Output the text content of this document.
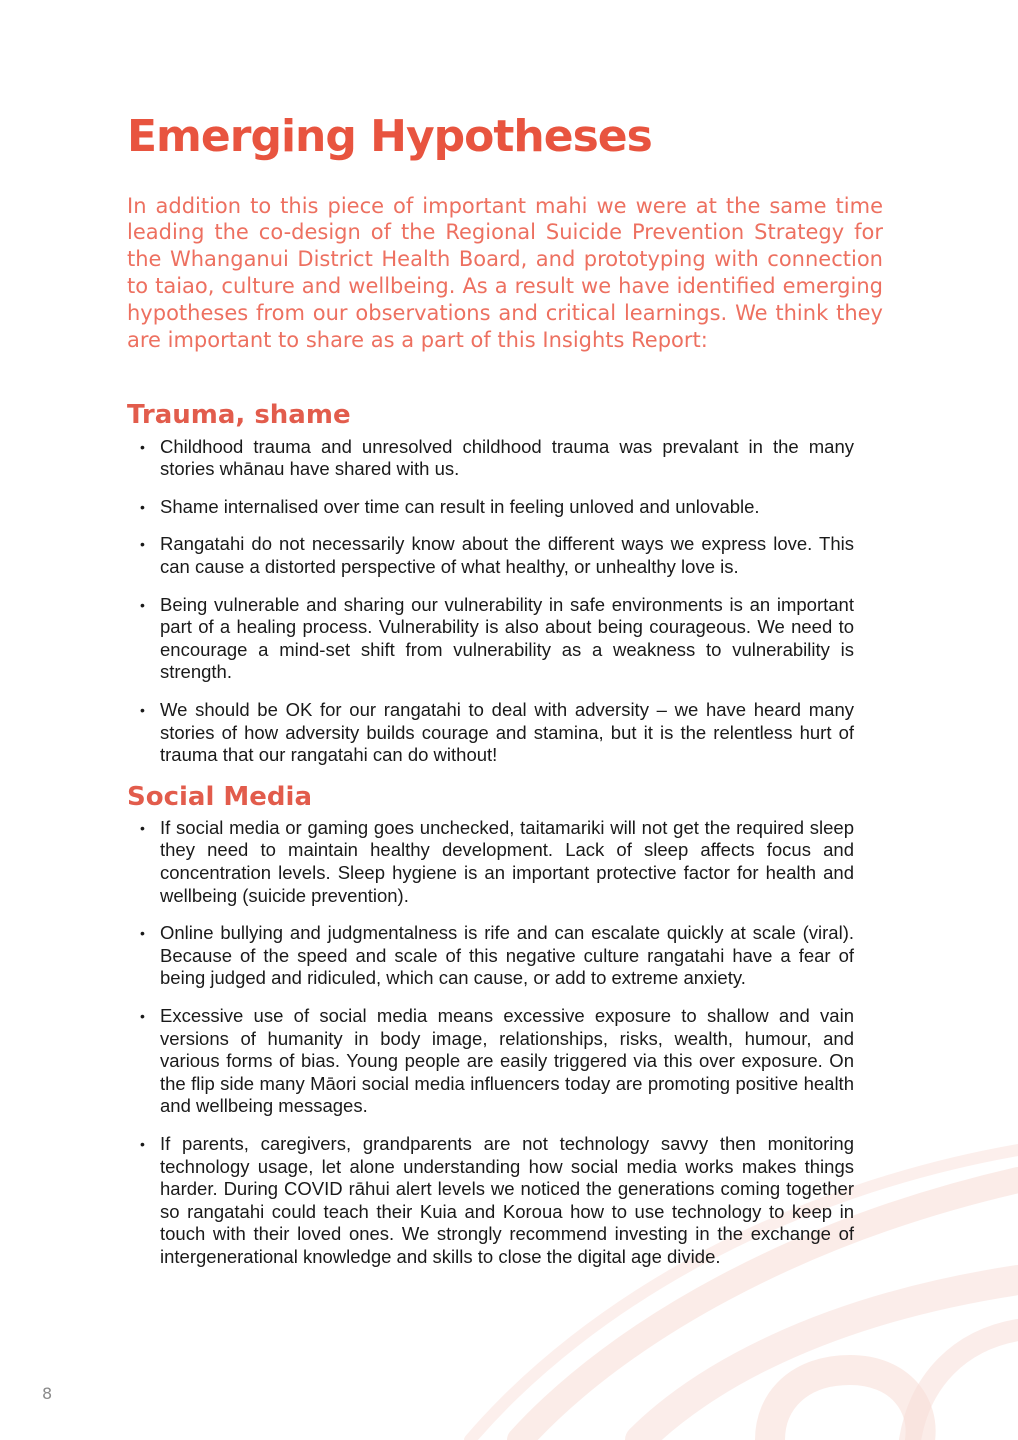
Emerging Hypotheses

In addition to this piece of important mahi we were at the same time leading the co-design of the Regional Suicide Prevention Strategy for the Whanganui District Health Board, and prototyping with connection to taiao, culture and wellbeing. As a result we have identified emerging hypotheses from our observations and critical learnings. We think they are important to share as a part of this Insights Report:

Trauma, shame
• Childhood trauma and unresolved childhood trauma was prevalant in the many stories whānau have shared with us.
• Shame internalised over time can result in feeling unloved and unlovable.
• Rangatahi do not necessarily know about the different ways we express love. This can cause a distorted perspective of what healthy, or unhealthy love is.
• Being vulnerable and sharing our vulnerability in safe environments is an important part of a healing process. Vulnerability is also about being courageous. We need to encourage a mind-set shift from vulnerability as a weakness to vulnerability is strength.
• We should be OK for our rangatahi to deal with adversity – we have heard many stories of how adversity builds courage and stamina, but it is the relentless hurt of trauma that our rangatahi can do without!
Social Media
• If social media or gaming goes unchecked, taitamariki will not get the required sleep they need to maintain healthy development. Lack of sleep affects focus and concentration levels. Sleep hygiene is an important protective factor for health and wellbeing (suicide prevention).
• Online bullying and judgmentalness is rife and can escalate quickly at scale (viral). Because of the speed and scale of this negative culture rangatahi have a fear of being judged and ridiculed, which can cause, or add to extreme anxiety.
• Excessive use of social media means excessive exposure to shallow and vain versions of humanity in body image, relationships, risks, wealth, humour, and various forms of bias. Young people are easily triggered via this over exposure. On the flip side many Māori social media influencers today are promoting positive health and wellbeing messages.
• If parents, caregivers, grandparents are not technology savvy then monitoring technology usage, let alone understanding how social media works makes things harder. During COVID rāhui alert levels we noticed the generations coming together so rangatahi could teach their Kuia and Koroua how to use technology to keep in touch with their loved ones. We strongly recommend investing in the exchange of intergenerational knowledge and skills to close the digital age divide.
8
